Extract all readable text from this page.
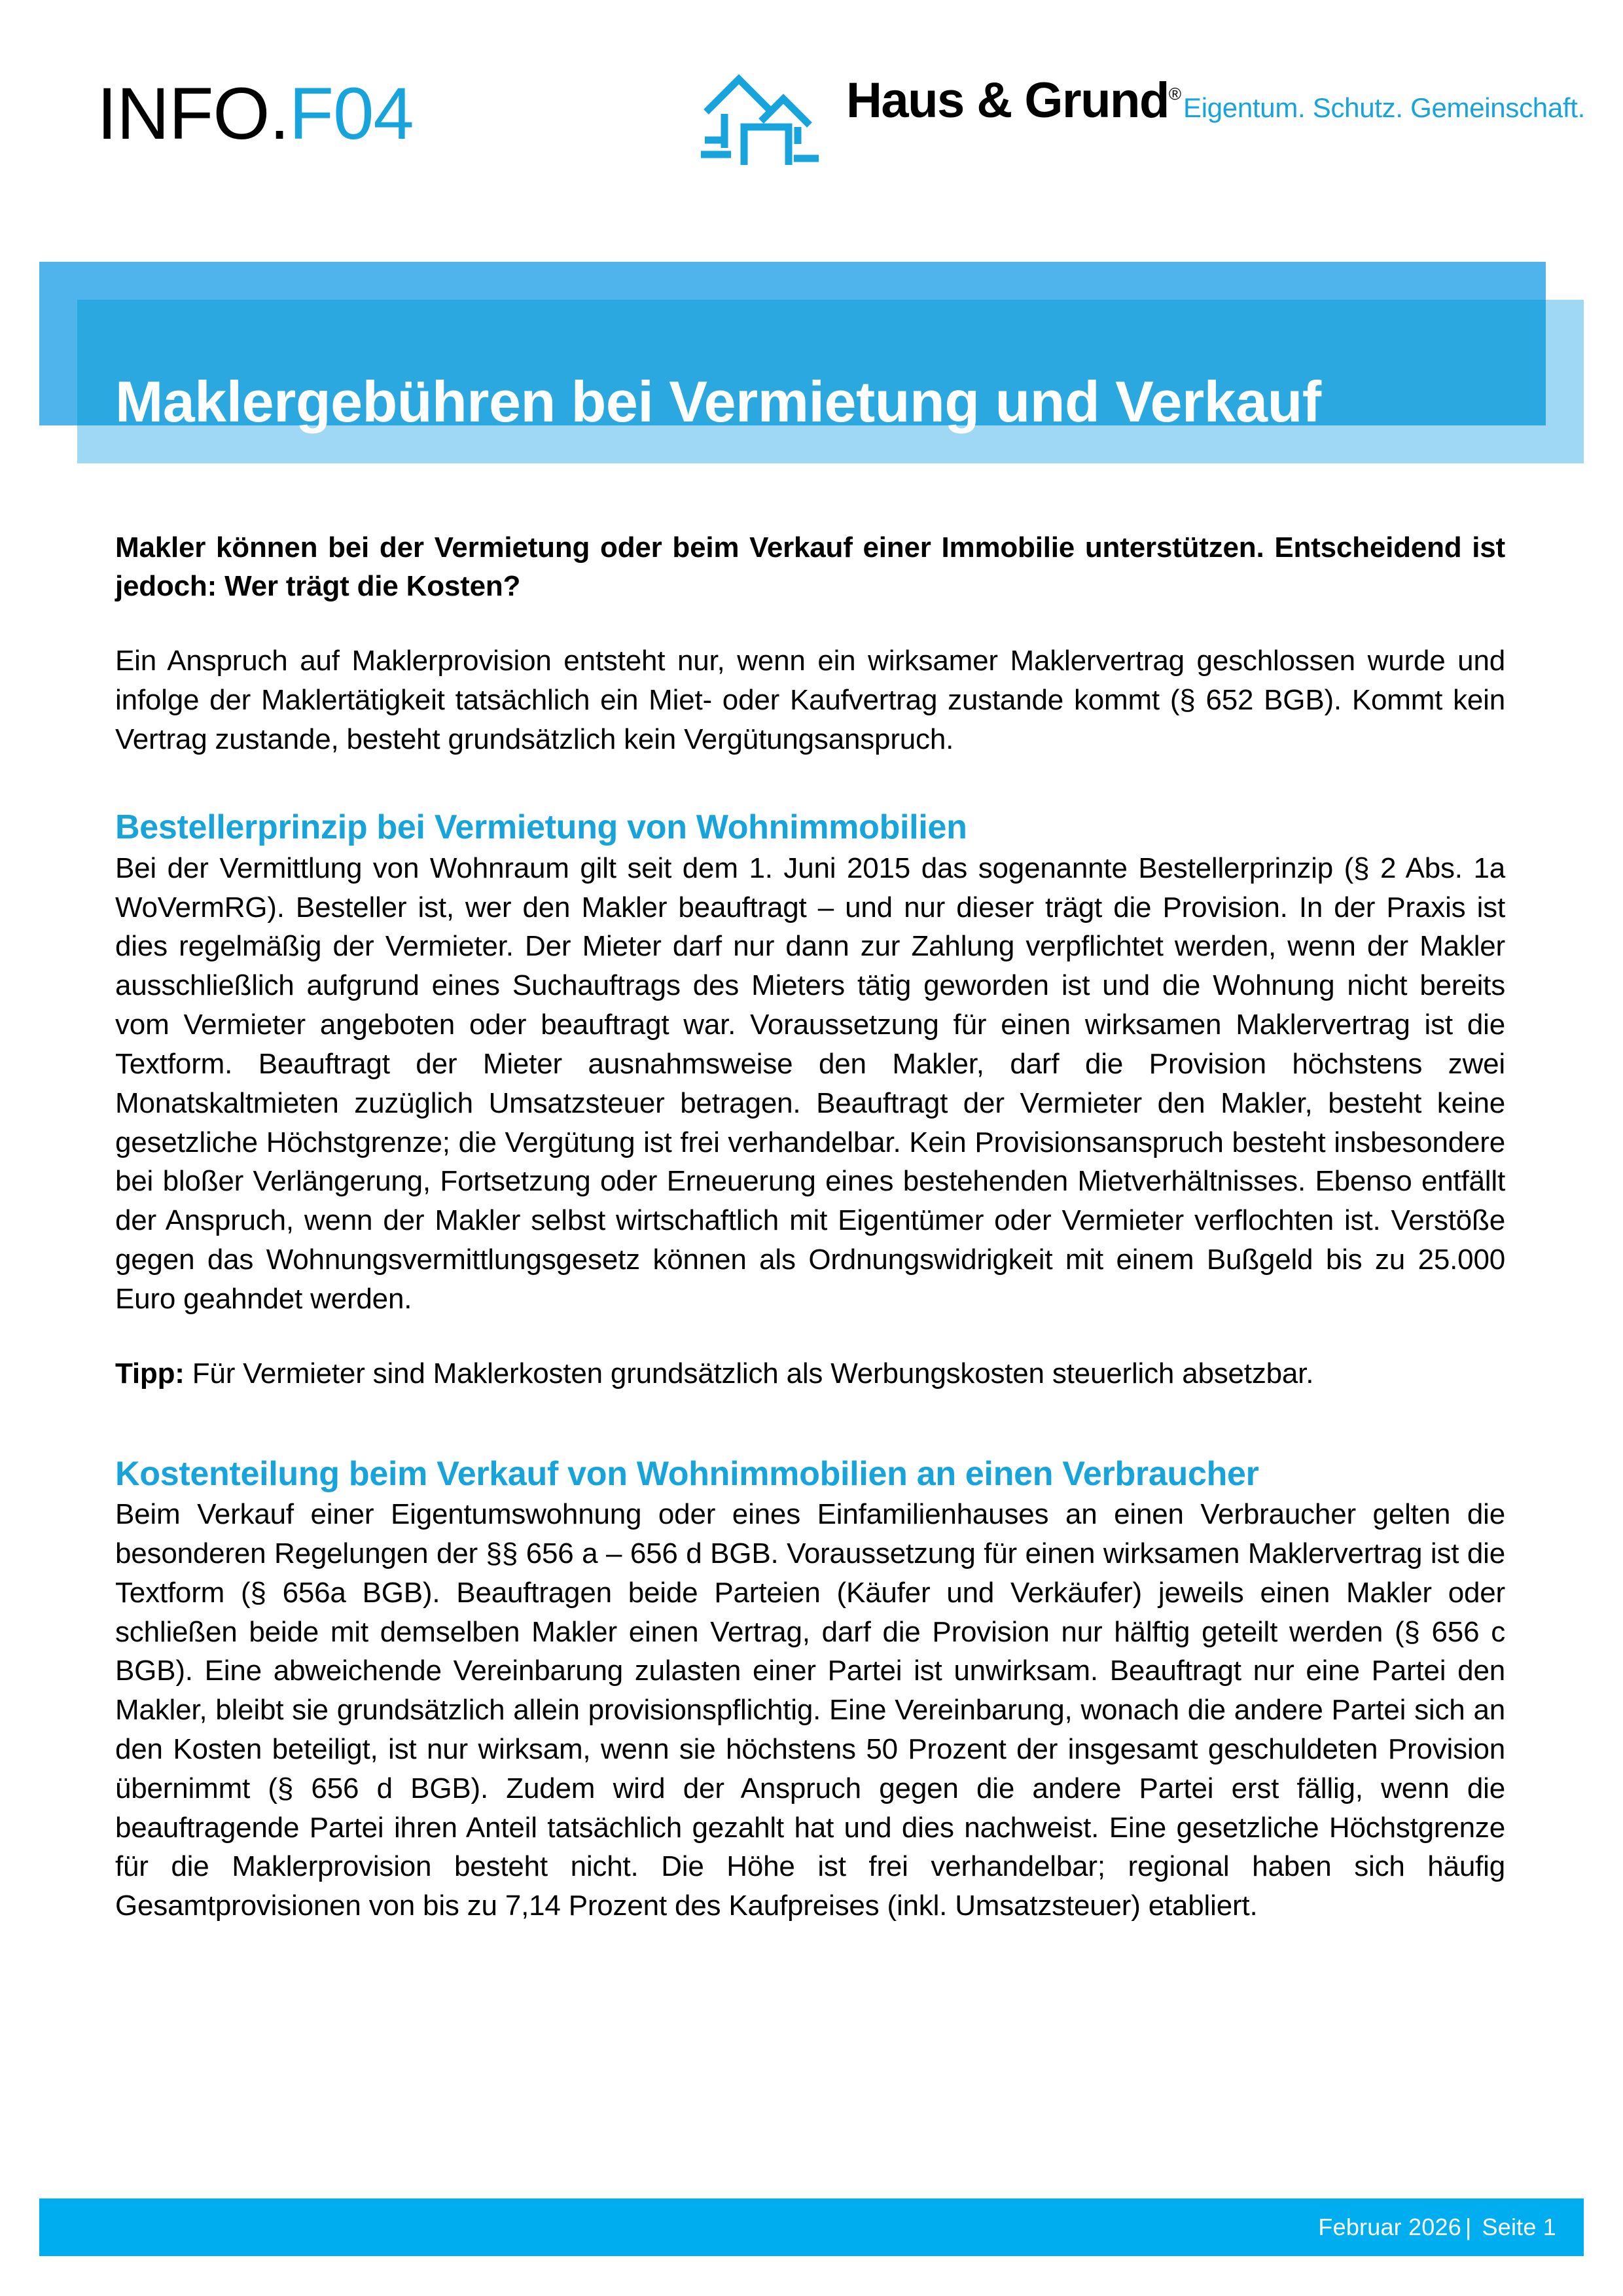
INFO.F04	Haus & Grund® Eigentum. Schutz. Gemeinschaft.
Maklergebühren bei Vermietung und Verkauf

Makler können bei der Vermietung oder beim Verkauf einer Immobilie unterstützen. Entscheidend ist jedoch: Wer trägt die Kosten?

Ein Anspruch auf Maklerprovision entsteht nur, wenn ein wirksamer Maklervertrag geschlossen wurde und infolge der Maklertätigkeit tatsächlich ein Miet- oder Kaufvertrag zustande kommt (§ 652 BGB). Kommt kein Vertrag zustande, besteht grundsätzlich kein Vergütungsanspruch.

Bestellerprinzip bei Vermietung von Wohnimmobilien

Bei der Vermittlung von Wohnraum gilt seit dem 1. Juni 2015 das sogenannte Bestellerprinzip (§ 2 Abs. 1a WoVermRG). Besteller ist, wer den Makler beauftragt – und nur dieser trägt die Provision. In der Praxis ist dies regelmäßig der Vermieter. Der Mieter darf nur dann zur Zahlung verpflichtet werden, wenn der Makler ausschließlich aufgrund eines Suchauftrags des Mieters tätig geworden ist und die Wohnung nicht bereits vom Vermieter angeboten oder beauftragt war. Voraussetzung für einen wirksamen Maklervertrag ist die Textform. Beauftragt der Mieter ausnahmsweise den Makler, darf die Provision höchstens zwei Monatskaltmieten zuzüglich Umsatzsteuer betragen. Beauftragt der Vermieter den Makler, besteht keine gesetzliche Höchstgrenze; die Vergütung ist frei verhandelbar. Kein Provisionsanspruch besteht insbesondere bei bloßer Verlängerung, Fortsetzung oder Erneuerung eines bestehenden Mietverhältnisses. Ebenso entfällt der Anspruch, wenn der Makler selbst wirtschaftlich mit Eigentümer oder Vermieter verflochten ist. Verstöße gegen das Wohnungsvermittlungsgesetz können als Ordnungswidrigkeit mit einem Bußgeld bis zu 25.000 Euro geahndet werden.

Tipp: Für Vermieter sind Maklerkosten grundsätzlich als Werbungskosten steuerlich absetzbar.

Kostenteilung beim Verkauf von Wohnimmobilien an einen Verbraucher

Beim Verkauf einer Eigentumswohnung oder eines Einfamilienhauses an einen Verbraucher gelten die besonderen Regelungen der §§ 656 a – 656 d BGB. Voraussetzung für einen wirksamen Maklervertrag ist die Textform (§ 656a BGB). Beauftragen beide Parteien (Käufer und Verkäufer) jeweils einen Makler oder schließen beide mit demselben Makler einen Vertrag, darf die Provision nur hälftig geteilt werden (§ 656 c BGB). Eine abweichende Vereinbarung zulasten einer Partei ist unwirksam. Beauftragt nur eine Partei den Makler, bleibt sie grundsätzlich allein provisionspflichtig. Eine Vereinbarung, wonach die andere Partei sich an den Kosten beteiligt, ist nur wirksam, wenn sie höchstens 50 Prozent der insgesamt geschuldeten Provision übernimmt (§ 656 d BGB). Zudem wird der Anspruch gegen die andere Partei erst fällig, wenn die beauftragende Partei ihren Anteil tatsächlich gezahlt hat und dies nachweist. Eine gesetzliche Höchstgrenze für die Maklerprovision besteht nicht. Die Höhe ist frei verhandelbar; regional haben sich häufig Gesamtprovisionen von bis zu 7,14 Prozent des Kaufpreises (inkl. Umsatzsteuer) etabliert.

Februar 2026 | Seite 1
